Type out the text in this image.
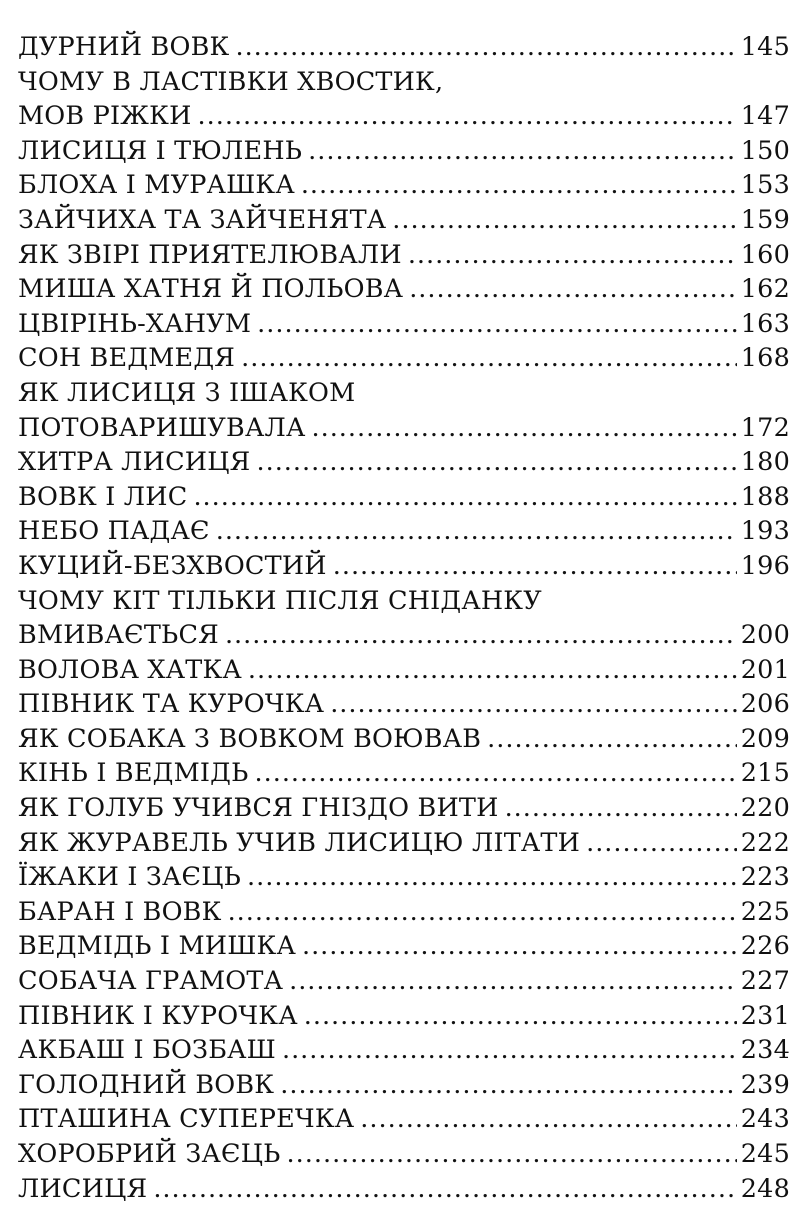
ДУРНИЙ ВОВК .....	145
ЧОМУ В ЛАСТІВКИ ХВОСТИК,
МОВ РІЖКИ .....	147
ЛИСИЦЯ І ТЮЛЕНЬ .....	150
БЛОХА І МУРАШКА .....	153
ЗАЙЧИХА ТА ЗАЙЧЕНЯТА .....	159
ЯК ЗВІРІ ПРИЯТЕЛЮВАЛИ .....	160
МИША ХАТНЯ Й ПОЛЬОВА .....	162
ЦВІРІНЬ-ХАНУМ .....	163
СОН ВЕДМЕДЯ .....	168
ЯК ЛИСИЦЯ З ІШАКОМ
ПОТОВАРИШУВАЛА .....	172
ХИТРА ЛИСИЦЯ .....	180
ВОВК І ЛИС .....	188
НЕБО ПАДАЄ .....	193
КУЦИЙ-БЕЗХВОСТИЙ .....	196
ЧОМУ КІТ ТІЛЬКИ ПІСЛЯ СНІДАНКУ
ВМИВАЄТЬСЯ .....	200
ВОЛОВА ХАТКА .....	201
ПІВНИК ТА КУРОЧКА .....	206
ЯК СОБАКА З ВОВКОМ ВОЮВАВ .....	209
КІНЬ І ВЕДМІДЬ .....	215
ЯК ГОЛУБ УЧИВСЯ ГНІЗДО ВИТИ .....	220
ЯК ЖУРАВЕЛЬ УЧИВ ЛИСИЦЮ ЛІТАТИ .....	222
ЇЖАКИ І ЗАЄЦЬ .....	223
БАРАН І ВОВК .....	225
ВЕДМІДЬ І МИШКА .....	226
СОБАЧА ГРАМОТА .....	227
ПІВНИК І КУРОЧКА .....	231
АКБАШ І БОЗБАШ .....	234
ГОЛОДНИЙ ВОВК .....	239
ПТАШИНА СУПЕРЕЧКА .....	243
ХОРОБРИЙ ЗАЄЦЬ .....	245
ЛИСИЦЯ .....	248
